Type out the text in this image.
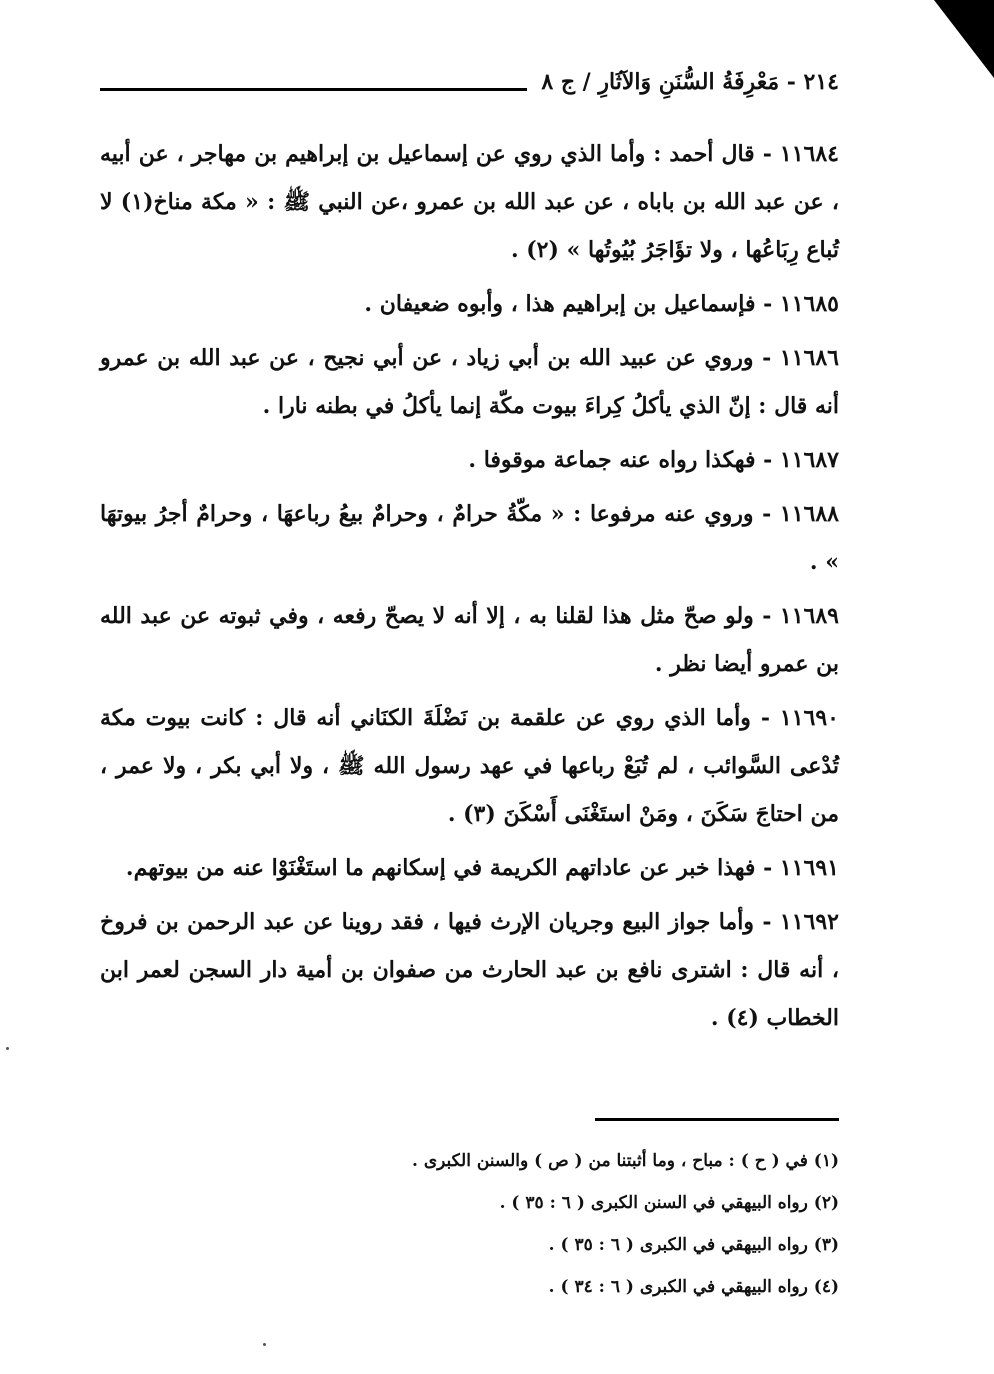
٢١٤ - مَعْرِفَةُ السُّنَنِ وَالآثَارِ / ج ٨

١١٦٨٤ - قال أحمد : وأما الذي روي عن إسماعيل بن إبراهيم بن مهاجر ، عن أبيه ، عن عبد الله بن باباه ، عن عبد الله بن عمرو ،عن النبي ﷺ : « مكة مناخ(١) لا تُباع رِبَاعُها ، ولا تؤَاجَرُ بُيُوتُها » (٢) .

١١٦٨٥ - فإسماعيل بن إبراهيم هذا ، وأبوه ضعيفان .

١١٦٨٦ - وروي عن عبيد الله بن أبي زياد ، عن أبي نجيح ، عن عبد الله بن عمرو أنه قال : إنّ الذي يأكلُ كِراءَ بيوت مكّة إنما يأكلُ في بطنه نارا .

١١٦٨٧ - فهكذا رواه عنه جماعة موقوفا .

١١٦٨٨ - وروي عنه مرفوعا : « مكّةُ حرامٌ ، وحرامٌ بيعُ رباعهَا ، وحرامٌ أجرُ بيوتهَا » .

١١٦٨٩ - ولو صحّ مثل هذا لقلنا به ، إلا أنه لا يصحّ رفعه ، وفي ثبوته عن عبد الله بن عمرو أيضا نظر .

١١٦٩٠ - وأما الذي روي عن علقمة بن نَضْلَةَ الكنَاني أنه قال : كانت بيوت مكة تُدْعى السَّوائب ، لم تُبَعْ رباعها في عهد رسول الله ﷺ ، ولا أبي بكر ، ولا عمر ، من احتاجَ سَكَنَ ، ومَنْ استَغْنَى أَسْكَنَ (٣) .

١١٦٩١ - فهذا خبر عن عاداتهم الكريمة في إسكانهم ما استَغْنَوْا عنه من بيوتهم.

١١٦٩٢ - وأما جواز البيع وجريان الإرث فيها ، فقد روينا عن عبد الرحمن بن فروخ ، أنه قال : اشترى نافع بن عبد الحارث من صفوان بن أمية دار السجن لعمر ابن الخطاب (٤) .

(١) في ( ح ) : مباح ، وما أثبتنا من ( ص ) والسنن الكبرى .

(٢) رواه البيهقي في السنن الكبرى ( ٦ : ٣٥ ) .

(٣) رواه البيهقي في الكبرى ( ٦ : ٣٥ ) .

(٤) رواه البيهقي في الكبرى ( ٦ : ٣٤ ) .
